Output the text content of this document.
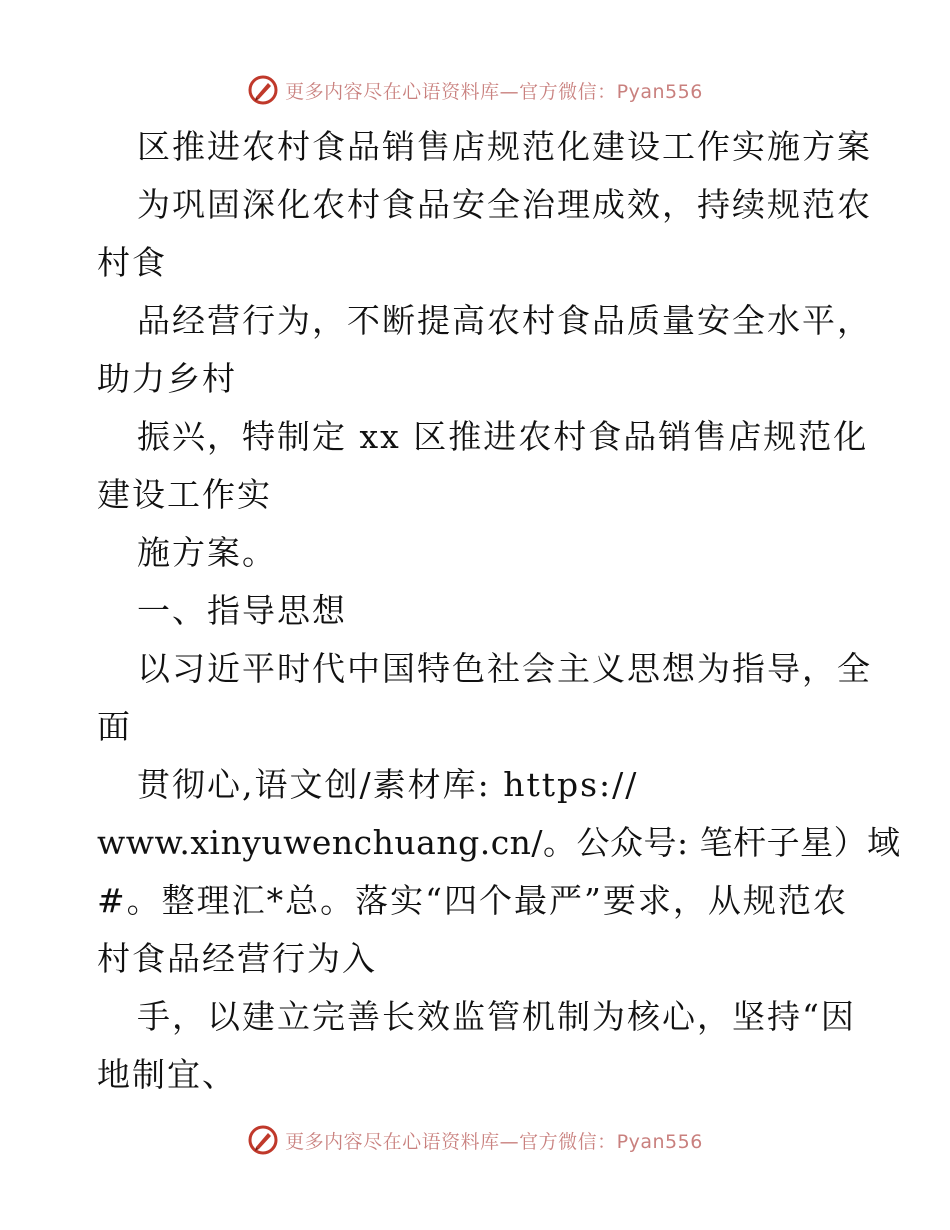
更多内容尽在心语资料库—官方微信：Pyan556
区推进农村食品销售店规范化建设工作实施方案
为巩固深化农村食品安全治理成效，持续规范农
村食
品经营行为，不断提高农村食品质量安全水平，
助力乡村
振兴，特制定 xx 区推进农村食品销售店规范化
建设工作实
施方案。
一、指导思想
以习近平时代中国特色社会主义思想为指导，全
面
贯彻心,语文创/素材库: https://
www.xinyuwenchuang.cn/。公众号: 笔杆子星）域
#。整理汇*总。落实“四个最严”要求，从规范农
村食品经营行为入
手，以建立完善长效监管机制为核心，坚持“因
地制宜、
更多内容尽在心语资料库—官方微信：Pyan556
